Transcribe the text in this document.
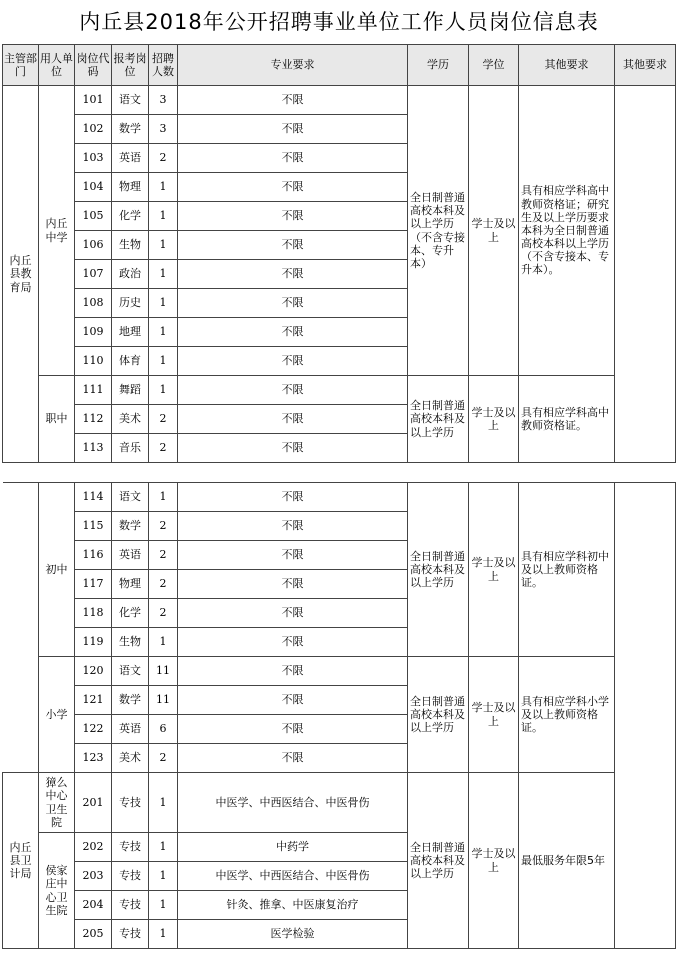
内丘县2018年公开招聘事业单位工作人员岗位信息表
主管部门	用人单位	岗位代码	报考岗位	招聘人数	专业要求	学历	学位	其他要求	其他要求
内丘县教育局	内丘中学	101	语文	3	不限	全日制普通高校本科及以上学历（不含专接本、专升本）	学士及以上	具有相应学科高中教师资格证；研究生及以上学历要求本科为全日制普通高校本科以上学历（不含专接本、专升本）。	
		102	数学	3	不限				
		103	英语	2	不限				
		104	物理	1	不限				
		105	化学	1	不限				
		106	生物	1	不限				
		107	政治	1	不限				
		108	历史	1	不限				
		109	地理	1	不限				
		110	体育	1	不限				
	职中	111	舞蹈	1	不限	全日制普通高校本科及以上学历	学士及以上	具有相应学科高中教师资格证。	
		112	美术	2	不限				
		113	音乐	2	不限				
	初中	114	语文	1	不限	全日制普通高校本科及以上学历	学士及以上	具有相应学科初中及以上教师资格证。	
		115	数学	2	不限				
		116	英语	2	不限				
		117	物理	2	不限				
		118	化学	2	不限				
		119	生物	1	不限				
	小学	120	语文	11	不限	全日制普通高校本科及以上学历	学士及以上	具有相应学科小学及以上教师资格证。	
		121	数学	11	不限				
		122	英语	6	不限				
		123	美术	2	不限				
内丘县卫计局	獐么中心卫生院	201	专技	1	中医学、中西医结合、中医骨伤	全日制普通高校本科及以上学历	学士及以上	最低服务年限5年	
	侯家庄中心卫生院	202	专技	1	中药学				
		203	专技	1	中医学、中西医结合、中医骨伤				
		204	专技	1	针灸、推拿、中医康复治疗				
		205	专技	1	医学检验				
